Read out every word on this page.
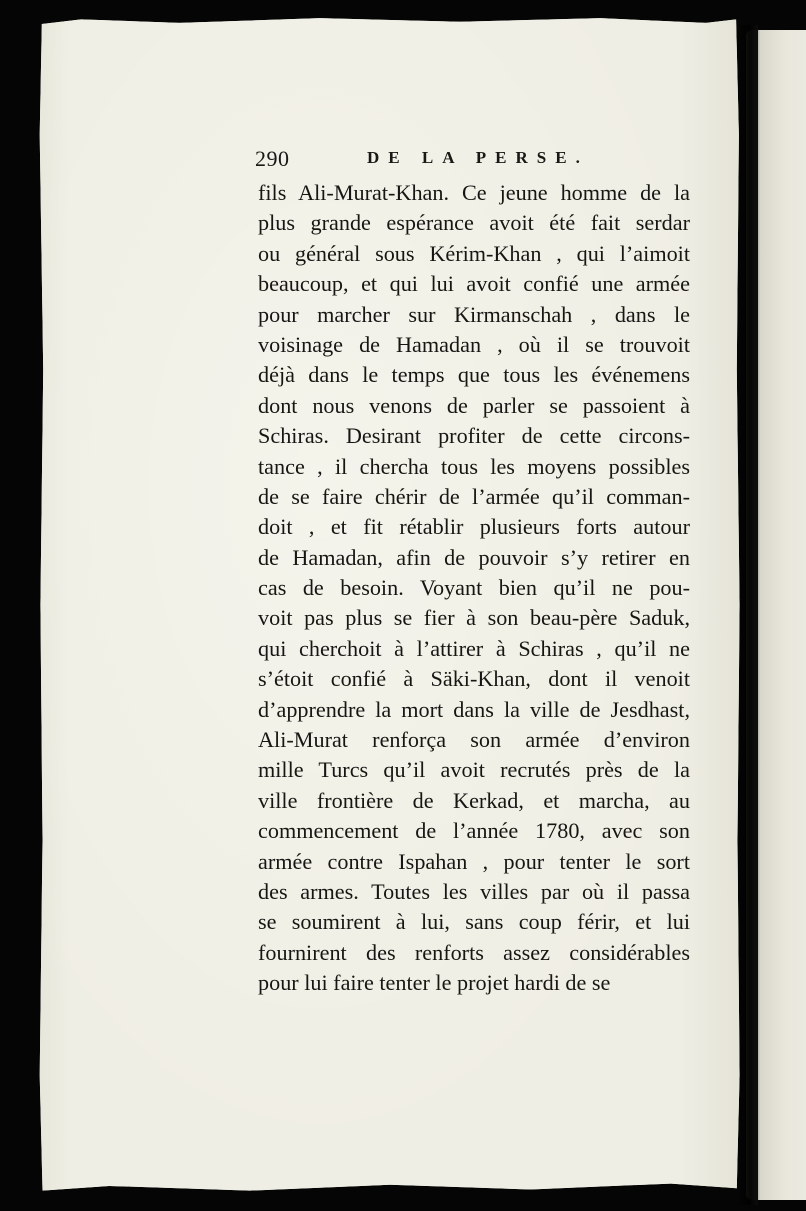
290	DE LA PERSE.
fils Ali-Murat-Khan. Ce jeune homme de la
plus grande espérance avoit été fait serdar
ou général sous Kérim-Khan , qui l’aimoit
beaucoup, et qui lui avoit confié une armée
pour marcher sur Kirmanschah , dans le
voisinage de Hamadan , où il se trouvoit
déjà dans le temps que tous les événemens
dont nous venons de parler se passoient à
Schiras. Desirant profiter de cette circons-
tance , il chercha tous les moyens possibles
de se faire chérir de l’armée qu’il comman-
doit , et fit rétablir plusieurs forts autour
de Hamadan, afin de pouvoir s’y retirer en
cas de besoin. Voyant bien qu’il ne pou-
voit pas plus se fier à son beau-père Saduk,
qui cherchoit à l’attirer à Schiras , qu’il ne
s’étoit confié à Säki-Khan, dont il venoit
d’apprendre la mort dans la ville de Jesdhast,
Ali-Murat renforça son armée d’environ
mille Turcs qu’il avoit recrutés près de la
ville frontière de Kerkad, et marcha, au
commencement de l’année 1780, avec son
armée contre Ispahan , pour tenter le sort
des armes. Toutes les villes par où il passa
se soumirent à lui, sans coup férir, et lui
fournirent des renforts assez considérables
pour lui faire tenter le projet hardi de se
